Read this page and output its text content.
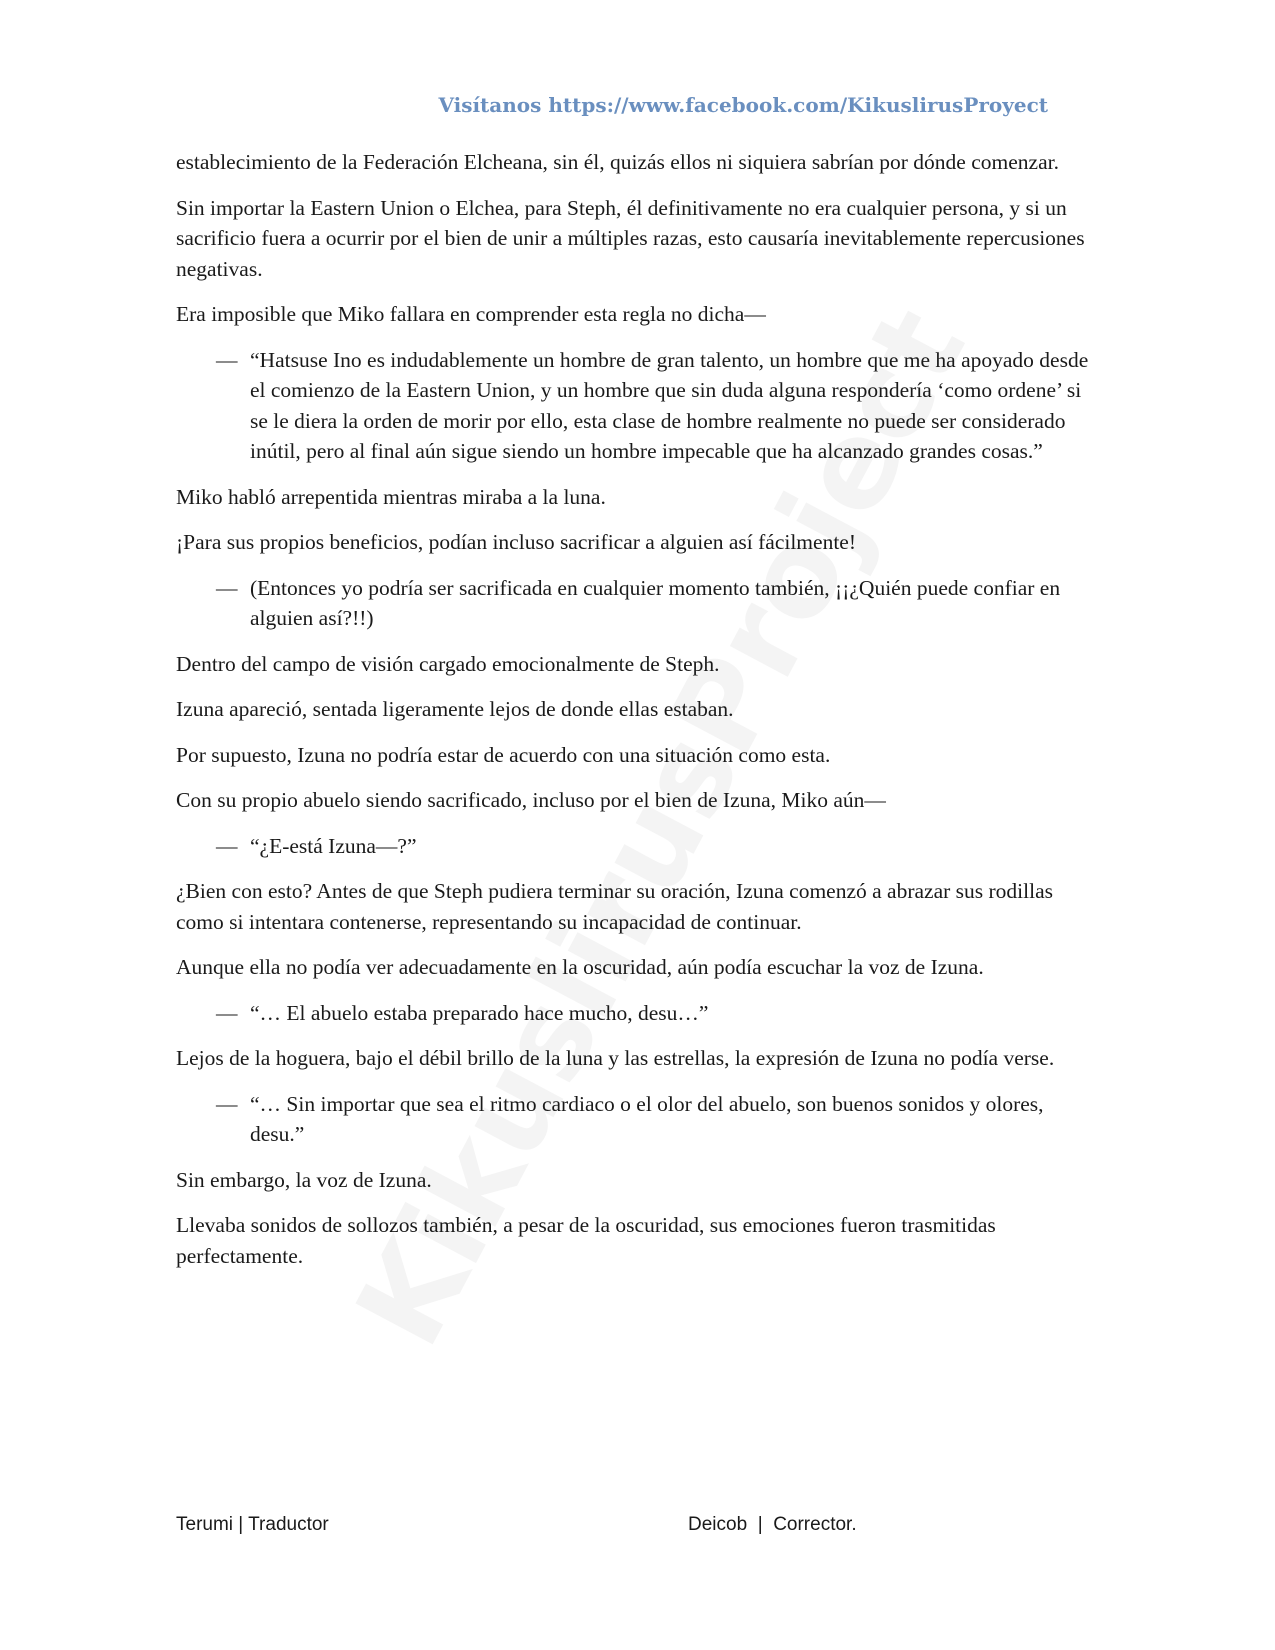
Visítanos https://www.facebook.com/KikuslirusProyect

establecimiento de la Federación Elcheana, sin él, quizás ellos ni siquiera sabrían por dónde comenzar.

Sin importar la Eastern Union o Elchea, para Steph, él definitivamente no era cualquier persona, y si un sacrificio fuera a ocurrir por el bien de unir a múltiples razas, esto causaría inevitablemente repercusiones negativas.

Era imposible que Miko fallara en comprender esta regla no dicha—

— “Hatsuse Ino es indudablemente un hombre de gran talento, un hombre que me ha apoyado desde el comienzo de la Eastern Union, y un hombre que sin duda alguna respondería ‘como ordene’ si se le diera la orden de morir por ello, esta clase de hombre realmente no puede ser considerado inútil, pero al final aún sigue siendo un hombre impecable que ha alcanzado grandes cosas.”

Miko habló arrepentida mientras miraba a la luna.

¡Para sus propios beneficios, podían incluso sacrificar a alguien así fácilmente!

— (Entonces yo podría ser sacrificada en cualquier momento también, ¡¡¿Quién puede confiar en alguien así?!!)

Dentro del campo de visión cargado emocionalmente de Steph.

Izuna apareció, sentada ligeramente lejos de donde ellas estaban.

Por supuesto, Izuna no podría estar de acuerdo con una situación como esta.

Con su propio abuelo siendo sacrificado, incluso por el bien de Izuna, Miko aún—

— “¿E-está Izuna—?”

¿Bien con esto? Antes de que Steph pudiera terminar su oración, Izuna comenzó a abrazar sus rodillas como si intentara contenerse, representando su incapacidad de continuar.

Aunque ella no podía ver adecuadamente en la oscuridad, aún podía escuchar la voz de Izuna.

— “… El abuelo estaba preparado hace mucho, desu…”

Lejos de la hoguera, bajo el débil brillo de la luna y las estrellas, la expresión de Izuna no podía verse.

— “… Sin importar que sea el ritmo cardiaco o el olor del abuelo, son buenos sonidos y olores, desu.”

Sin embargo, la voz de Izuna.

Llevaba sonidos de sollozos también, a pesar de la oscuridad, sus emociones fueron trasmitidas perfectamente.

Terumi | Traductor	Deicob  |  Corrector.
